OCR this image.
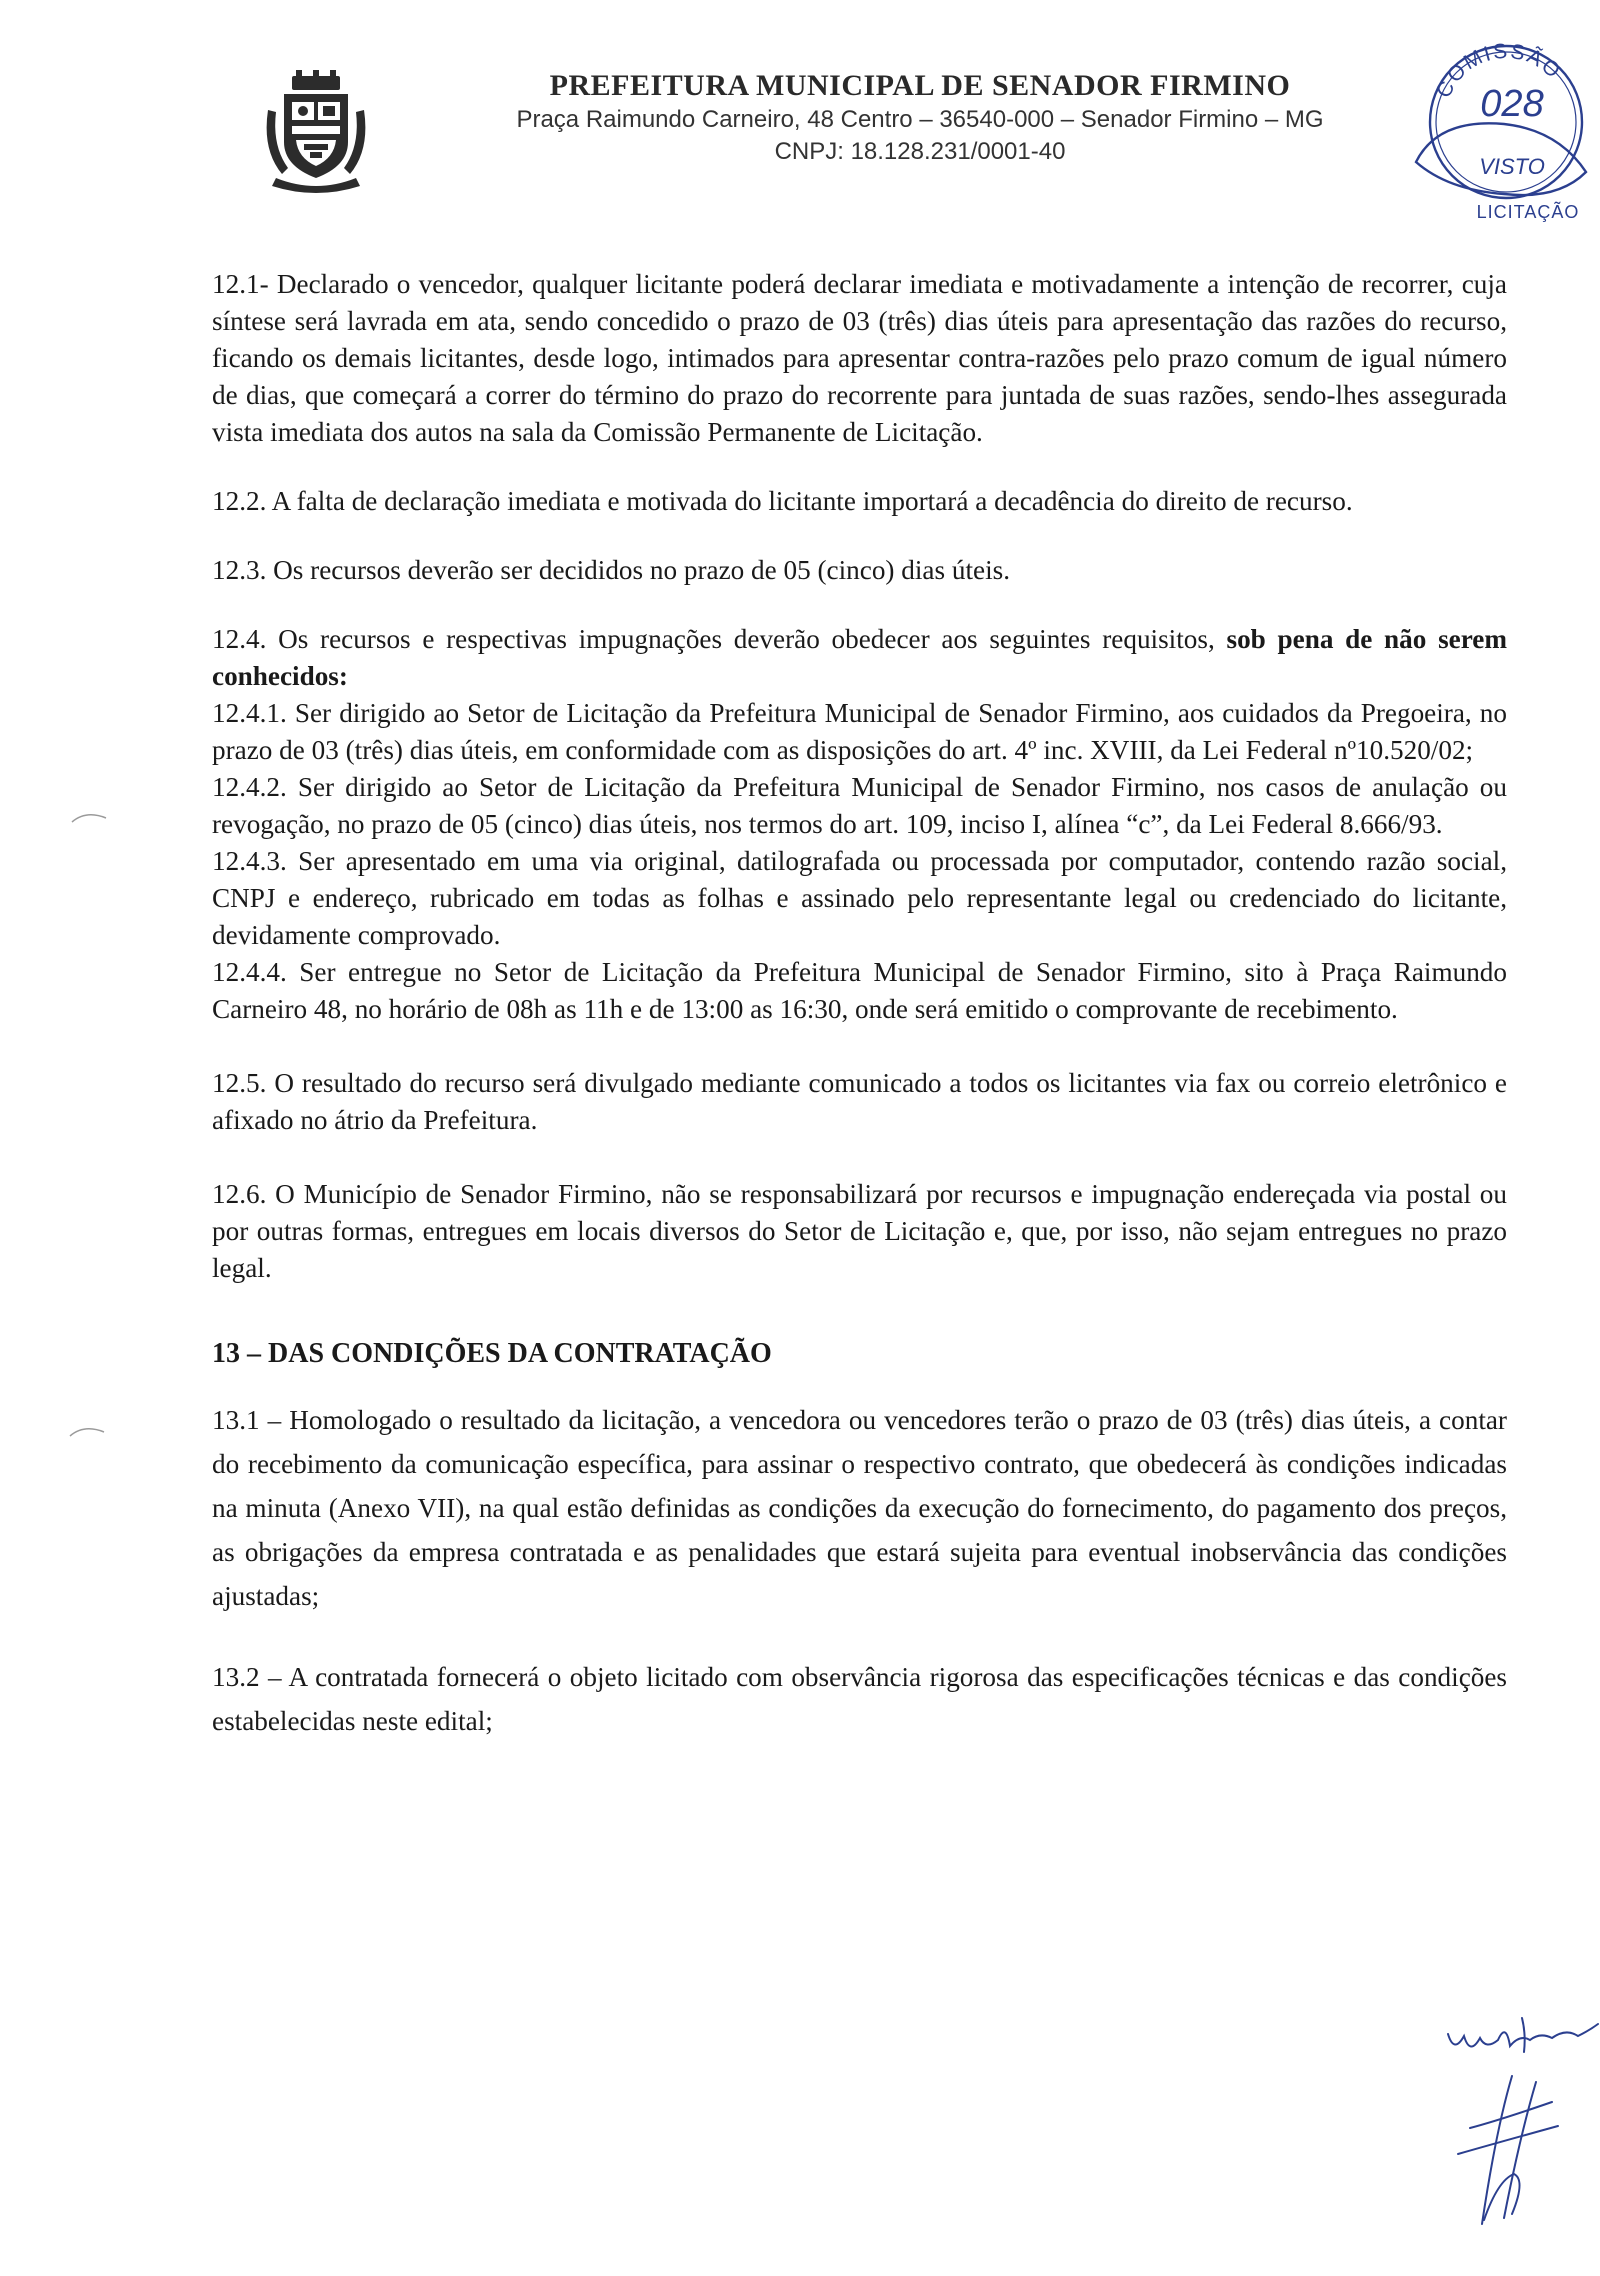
PREFEITURA MUNICIPAL DE SENADOR FIRMINO
Praça Raimundo Carneiro, 48 Centro – 36540-000 – Senador Firmino – MG
CNPJ: 18.128.231/0001-40
COMISSÃO
028
VISTO
LICITAÇÃO

12.1- Declarado o vencedor, qualquer licitante poderá declarar imediata e motivadamente a intenção de recorrer, cuja síntese será lavrada em ata, sendo concedido o prazo de 03 (três) dias úteis para apresentação das razões do recurso, ficando os demais licitantes, desde logo, intimados para apresentar contra-razões pelo prazo comum de igual número de dias, que começará a correr do término do prazo do recorrente para juntada de suas razões, sendo-lhes assegurada vista imediata dos autos na sala da Comissão Permanente de Licitação.

12.2. A falta de declaração imediata e motivada do licitante importará a decadência do direito de recurso.

12.3. Os recursos deverão ser decididos no prazo de 05 (cinco) dias úteis.

12.4. Os recursos e respectivas impugnações deverão obedecer aos seguintes requisitos, sob pena de não serem conhecidos:

12.4.1. Ser dirigido ao Setor de Licitação da Prefeitura Municipal de Senador Firmino, aos cuidados da Pregoeira, no prazo de 03 (três) dias úteis, em conformidade com as disposições do art. 4º inc. XVIII, da Lei Federal nº10.520/02;

12.4.2. Ser dirigido ao Setor de Licitação da Prefeitura Municipal de Senador Firmino, nos casos de anulação ou revogação, no prazo de 05 (cinco) dias úteis, nos termos do art. 109, inciso I, alínea “c”, da Lei Federal 8.666/93.

12.4.3. Ser apresentado em uma via original, datilografada ou processada por computador, contendo razão social, CNPJ e endereço, rubricado em todas as folhas e assinado pelo representante legal ou credenciado do licitante, devidamente comprovado.

12.4.4. Ser entregue no Setor de Licitação da Prefeitura Municipal de Senador Firmino, sito à Praça Raimundo Carneiro 48, no horário de 08h as 11h e de 13:00 as 16:30, onde será emitido o comprovante de recebimento.

12.5. O resultado do recurso será divulgado mediante comunicado a todos os licitantes via fax ou correio eletrônico e afixado no átrio da Prefeitura.

12.6. O Município de Senador Firmino, não se responsabilizará por recursos e impugnação endereçada via postal ou por outras formas, entregues em locais diversos do Setor de Licitação e, que, por isso, não sejam entregues no prazo legal.

13 – DAS CONDIÇÕES DA CONTRATAÇÃO

13.1 – Homologado o resultado da licitação, a vencedora ou vencedores terão o prazo de 03 (três) dias úteis, a contar do recebimento da comunicação específica, para assinar o respectivo contrato, que obedecerá às condições indicadas na minuta (Anexo VII), na qual estão definidas as condições da execução do fornecimento, do pagamento dos preços, as obrigações da empresa contratada e as penalidades que estará sujeita para eventual inobservância das condições ajustadas;

13.2 – A contratada fornecerá o objeto licitado com observância rigorosa das especificações técnicas e das condições estabelecidas neste edital;
